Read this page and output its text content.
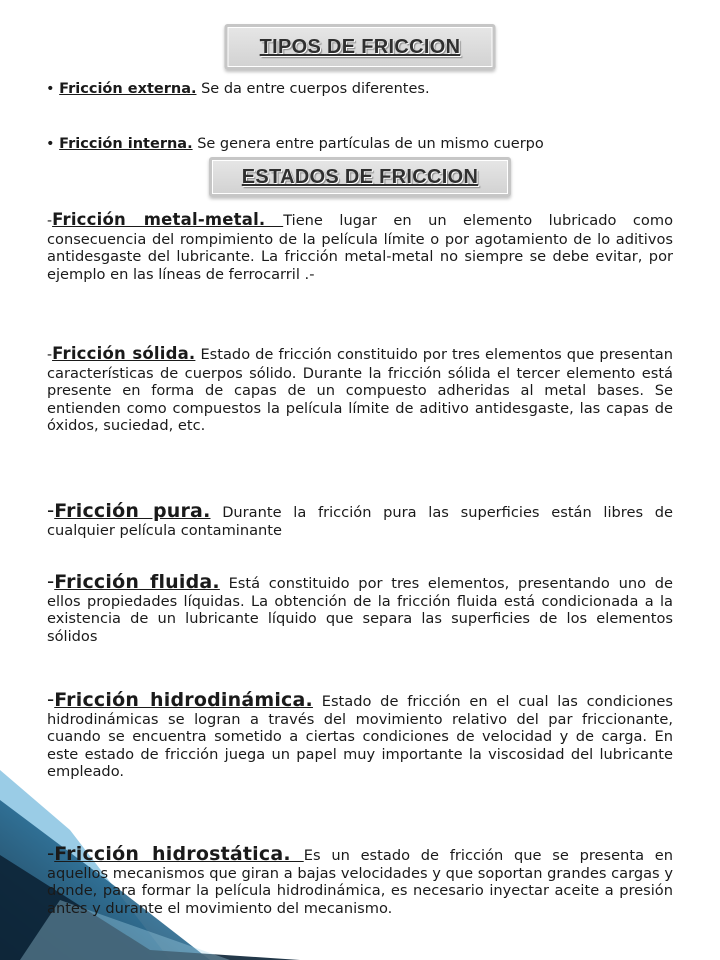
TIPOS DE FRICCION
• Fricción externa. Se da entre cuerpos diferentes.
• Fricción interna. Se genera entre partículas de un mismo cuerpo
ESTADOS DE FRICCION

-Fricción metal-metal. Tiene lugar en un elemento lubricado como consecuencia del rompimiento de la película límite o por agotamiento de lo aditivos antidesgaste del lubricante. La fricción metal-metal no siempre se debe evitar, por ejemplo en las líneas de ferrocarril .-

-Fricción sólida. Estado de fricción constituido por tres elementos que presentan características de cuerpos sólido. Durante la fricción sólida el tercer elemento está presente en forma de capas de un compuesto adheridas al metal bases. Se entienden como compuestos la película límite de aditivo antidesgaste, las capas de óxidos, suciedad, etc.

-Fricción pura. Durante la fricción pura las superficies están libres de cualquier película contaminante

-Fricción fluida. Está constituido por tres elementos, presentando uno de ellos propiedades líquidas. La obtención de la fricción fluida está condicionada a la existencia de un lubricante líquido que separa las superficies de los elementos sólidos

-Fricción hidrodinámica. Estado de fricción en el cual las condiciones hidrodinámicas se logran a través del movimiento relativo del par friccionante, cuando se encuentra sometido a ciertas condiciones de velocidad y de carga. En este estado de fricción juega un papel muy importante la viscosidad del lubricante empleado.

-Fricción hidrostática. Es un estado de fricción que se presenta en aquellos mecanismos que giran a bajas velocidades y que soportan grandes cargas y donde, para formar la película hidrodinámica, es necesario inyectar aceite a presión antes y durante el movimiento del mecanismo.
